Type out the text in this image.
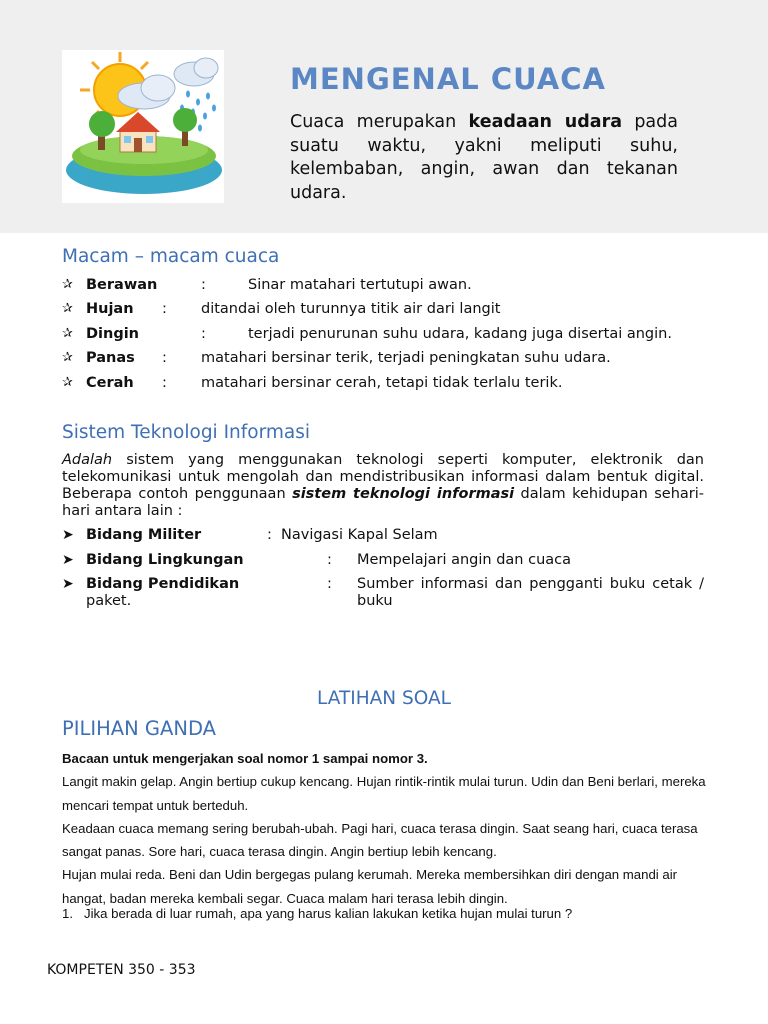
MENGENAL CUACA

Cuaca merupakan keadaan udara pada suatu waktu, yakni meliputi suhu, kelembaban, angin, awan dan tekanan udara.

Macam – macam cuaca
✰ Berawan	:	Sinar matahari tertutupi awan.
✰ Hujan : ditandai oleh turunnya titik air dari langit
✰ Dingin	:	terjadi penurunan suhu udara, kadang juga disertai angin.
✰ Panas : matahari bersinar terik, terjadi peningkatan suhu udara.
✰ Cerah : matahari bersinar cerah, tetapi tidak terlalu terik.
Sistem Teknologi Informasi

Adalah sistem yang menggunakan teknologi seperti komputer, elektronik dan telekomunikasi untuk mengolah dan mendistribusikan informasi dalam bentuk digital. Beberapa contoh penggunaan sistem teknologi informasi dalam kehidupan sehari-hari antara lain :

➤ Bidang Militer	: Navigasi Kapal Selam
➤ Bidang Lingkungan	: Mempelajari angin dan cuaca
➤ Bidang Pendidikan	: Sumber informasi dan pengganti buku cetak / buku
paket.
LATIHAN SOAL
PILIHAN GANDA

Bacaan untuk mengerjakan soal nomor 1 sampai nomor 3.

Langit makin gelap. Angin bertiup cukup kencang. Hujan rintik-rintik mulai turun. Udin dan Beni berlari, mereka mencari tempat untuk berteduh.

Keadaan cuaca memang sering berubah-ubah. Pagi hari, cuaca terasa dingin. Saat seang hari, cuaca terasa sangat panas. Sore hari, cuaca terasa dingin. Angin bertiup lebih kencang.

Hujan mulai reda. Beni dan Udin bergegas pulang kerumah. Mereka membersihkan diri dengan mandi air hangat, badan mereka kembali segar. Cuaca malam hari terasa lebih dingin.

1. Jika berada di luar rumah, apa yang harus kalian lakukan ketika hujan mulai turun ?

KOMPETEN 350 - 353
